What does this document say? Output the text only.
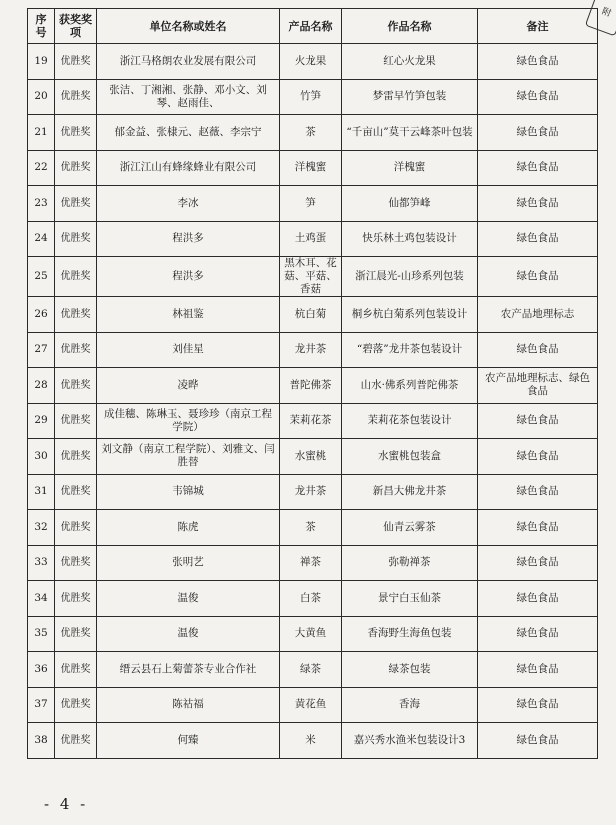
附
序号	获奖奖项	单位名称或姓名	产品名称	作品名称	备注
19	优胜奖	浙江马格朗农业发展有限公司	火龙果	红心火龙果	绿色食品
20	优胜奖	张洁、丁湘湘、张静、邓小文、刘琴、赵雨佳、	竹笋	梦雷早竹笋包装	绿色食品
21	优胜奖	郁金益、张棣元、赵薇、李宗宁	茶	“千亩山”莫干云峰茶叶包装	绿色食品
22	优胜奖	浙江江山有蜂缘蜂业有限公司	洋槐蜜	洋槐蜜	绿色食品
23	优胜奖	李冰	笋	仙都笋峰	绿色食品
24	优胜奖	程洪多	土鸡蛋	快乐林土鸡包装设计	绿色食品
25	优胜奖	程洪多	黑木耳、花菇、平菇、香菇	浙江晨光-山珍系列包装	绿色食品
26	优胜奖	林祖鉴	杭白菊	桐乡杭白菊系列包装设计	农产品地理标志
27	优胜奖	刘佳星	龙井茶	“碧落”龙井茶包装设计	绿色食品
28	优胜奖	凌晔	普陀佛茶	山水·佛系列普陀佛茶	农产品地理标志、绿色食品
29	优胜奖	成佳穗、陈琳玉、聂珍珍（南京工程学院）	茉莉花茶	茉莉花茶包装设计	绿色食品
30	优胜奖	刘文静（南京工程学院）、刘雅文、闫胜替	水蜜桃	水蜜桃包装盒	绿色食品
31	优胜奖	韦锦城	龙井茶	新昌大佛龙井茶	绿色食品
32	优胜奖	陈虎	茶	仙青云雾茶	绿色食品
33	优胜奖	张明艺	禅茶	弥勒禅茶	绿色食品
34	优胜奖	温俊	白茶	景宁白玉仙茶	绿色食品
35	优胜奖	温俊	大黄鱼	香海野生海鱼包装	绿色食品
36	优胜奖	缙云县石上菊蕾茶专业合作社	绿茶	绿茶包装	绿色食品
37	优胜奖	陈祜福	黄花鱼	香海	绿色食品
38	优胜奖	何臻	米	嘉兴秀水渔米包装设计3	绿色食品
- 4 -
